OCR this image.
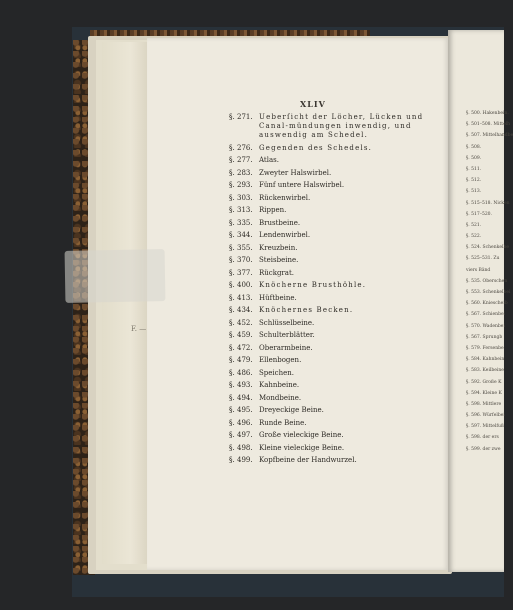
F. —
XLIV
§. 271. Ueberſicht der Löcher, Lücken und Canal-mündungen inwendig, und auswendig am Schedel.
§. 276. Gegenden des Schedels.
§. 277. Atlas.
§. 283. Zweyter Halswirbel.
§. 293. Fünf untere Halswirbel.
§. 303. Rückenwirbel.
§. 313. Rippen.
§. 335. Brustbeine.
§. 344. Lendenwirbel.
§. 355. Kreuzbein.
§. 370. Steisbeine.
§. 377. Rückgrat.
§. 400. Knöcherne Brusthöhle.
§. 413. Hüftbeine.
§. 434. Knöchernes Becken.
§. 452. Schlüsselbeine.
§. 459. Schulterblätter.
§. 472. Oberarmbeine.
§. 479. Ellenbogen.
§. 486. Speichen.
§. 493. Kahnbeine.
§. 494. Mondbeine.
§. 495. Dreyeckige Beine.
§. 496. Runde Beine.
§. 497. Große vieleckige Beine.
§. 498. Kleine vieleckige Beine.
§. 499. Kopfbeine der Handwurzel.
§. 500. Hakenbein.
§. 501–508. Mittelh
§. 507. Mittelhandbe
§. 508.
§. 509.
§. 511.
§. 512.
§. 513.
§. 515–518. Nicken
§. 517–520.
§. 521.
§. 522.
§. 524. Schenkelbe
§. 525–531. Zu
viers Bänd
§. 535. Oberschen
§. 553. Schenkelbei
§. 560. Kniescheib
§. 567. Schienbei
§. 570. Wadenbei
§. 567. Sprungb
§. 579. Fersenbe
§. 584. Kahnbein
§. 583. Keilbeine
§. 592. Große K
§. 594. Kleine K
§. 598. Mittlere
§. 596. Würfelbei
§. 597. Mittelfuß
§. 598. der ers
§. 599. der zwe
